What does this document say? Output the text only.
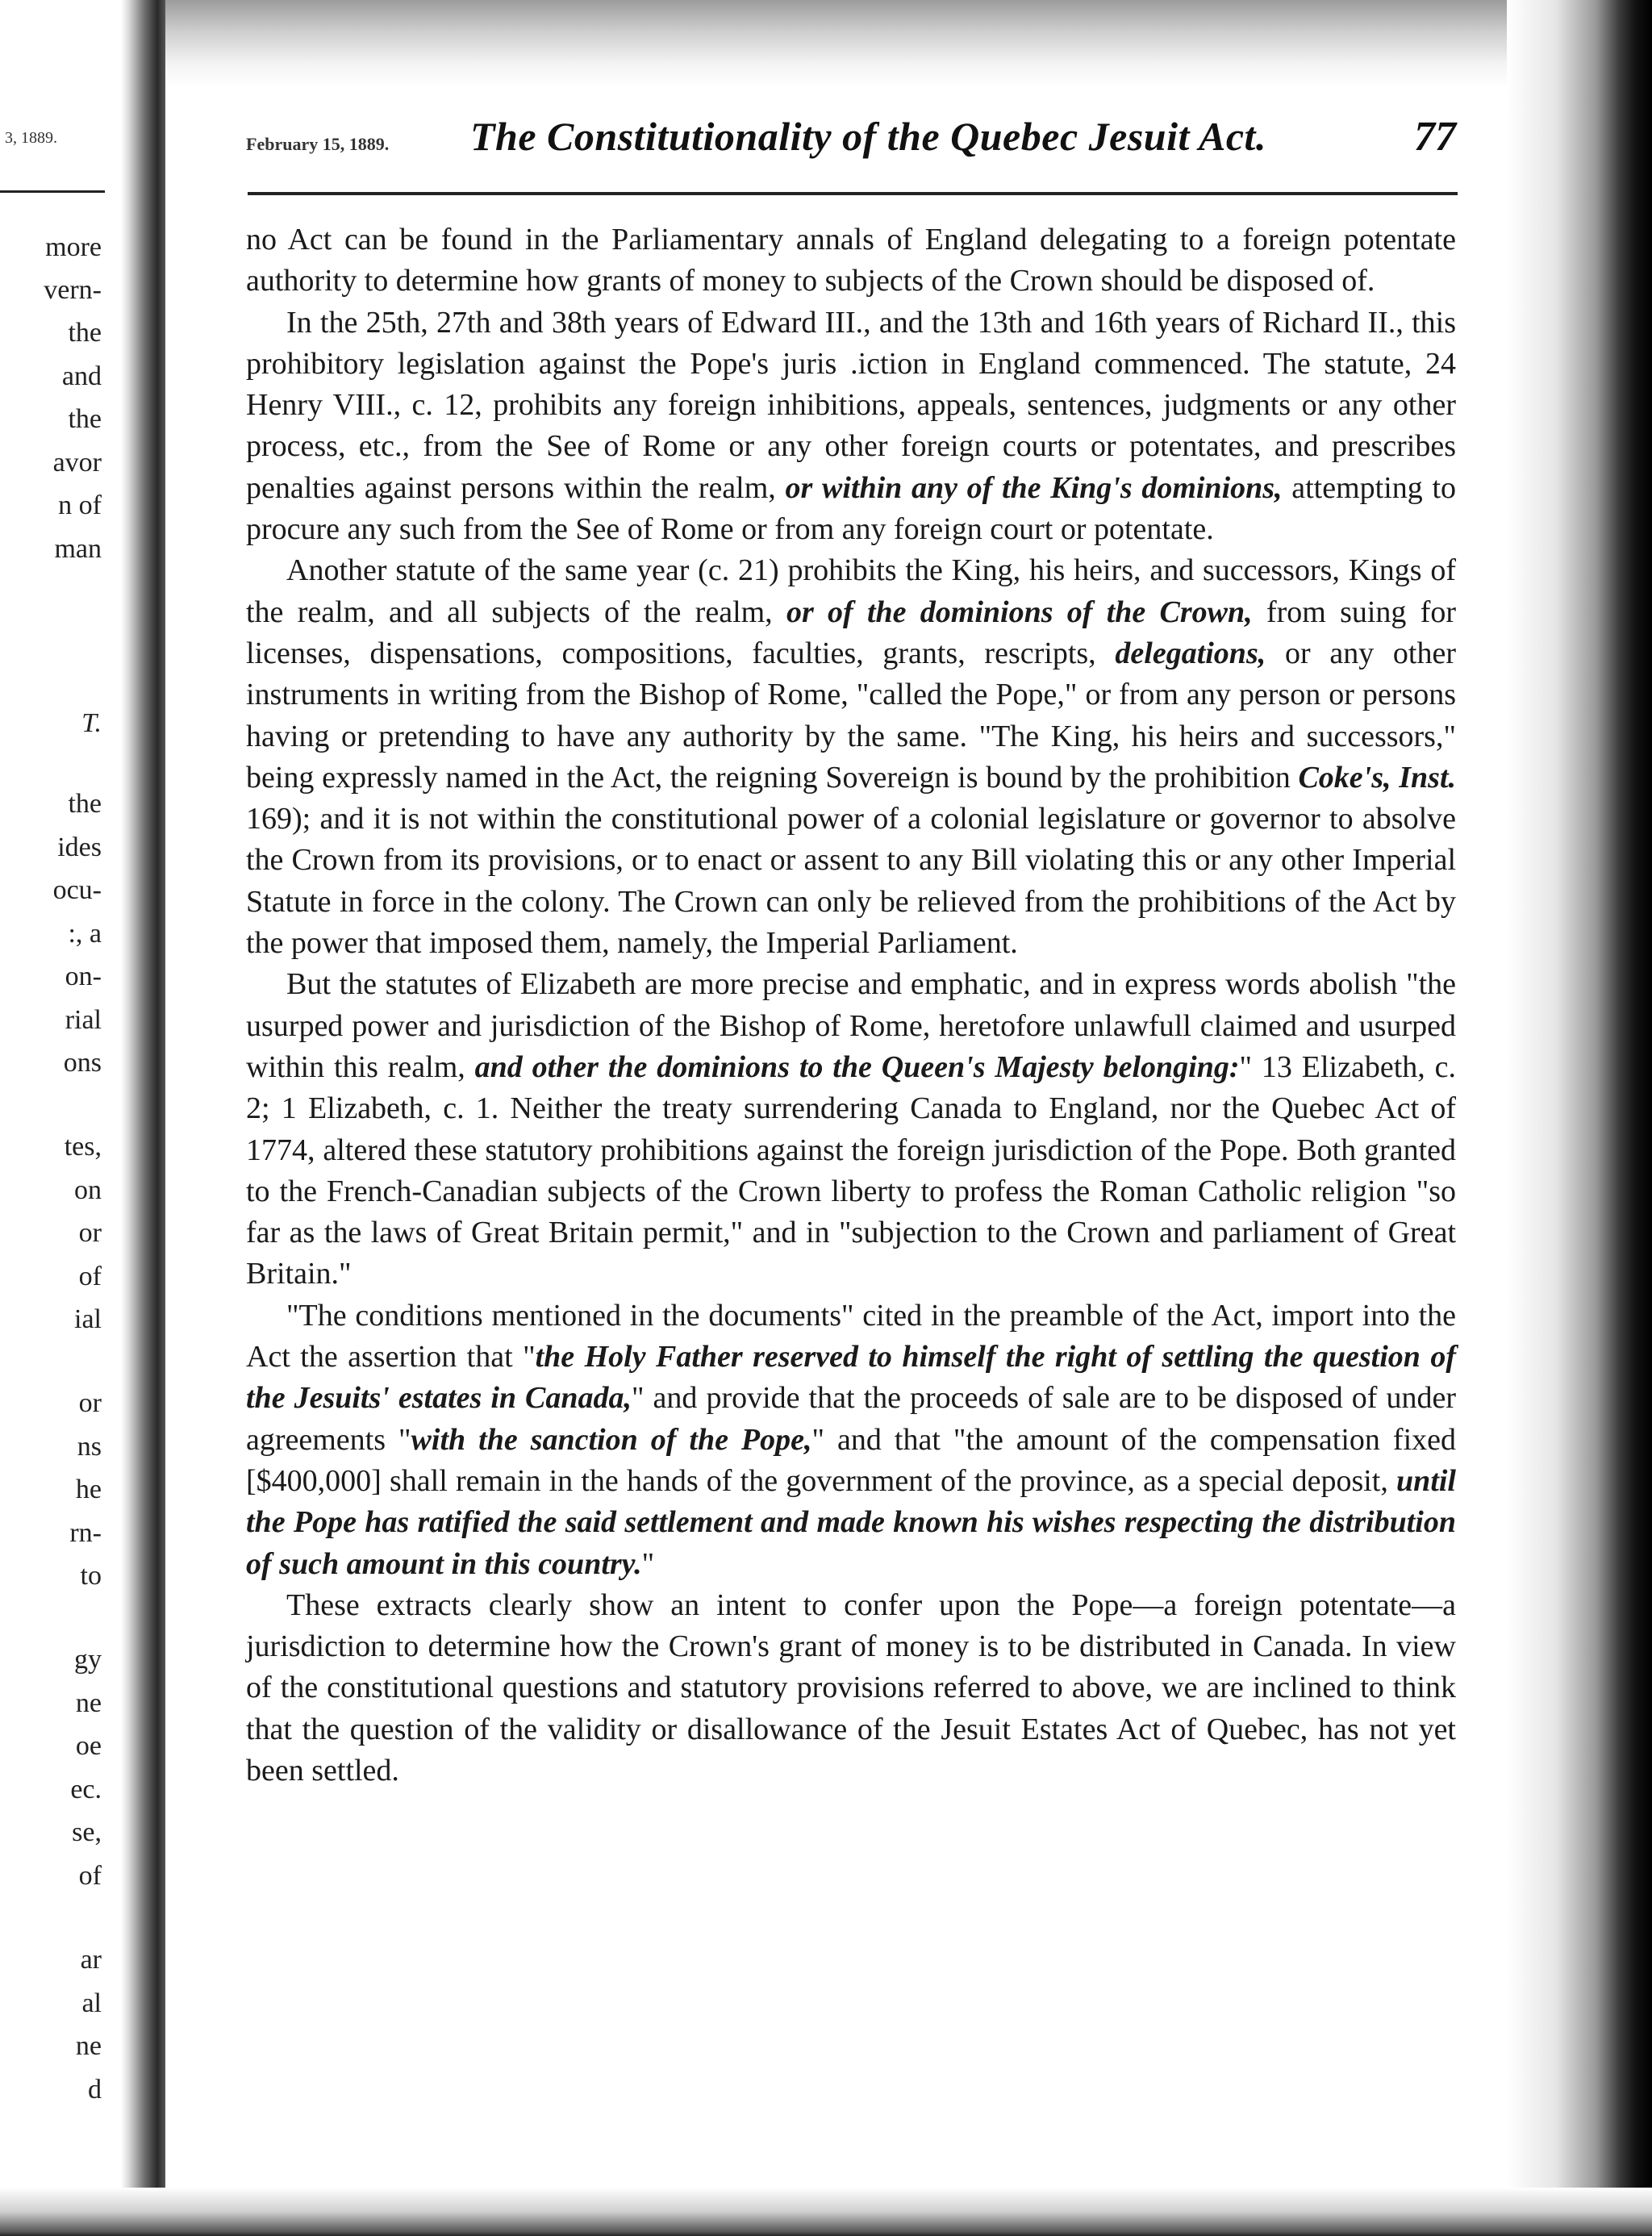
3, 1889.
more
vern-
the
and
the
avor
n of
man
T.
the
ides
ocu-
:, a
on-
rial
ons
tes,
on
or
of
ial
or
ns
he
rn-
to
gy
ne
oe
ec.
se,
of
ar
al
ne
d
February 15, 1889. The Constitutionality of the Quebec Jesuit Act.	77

no Act can be found in the Parliamentary annals of England delegating to a foreign potentate authority to determine how grants of money to subjects of the Crown should be disposed of.

In the 25th, 27th and 38th years of Edward III., and the 13th and 16th years of Richard II., this prohibitory legislation against the Pope's juris .iction in England commenced. The statute, 24 Henry VIII., c. 12, prohibits any foreign inhibitions, appeals, sentences, judgments or any other process, etc., from the See of Rome or any other foreign courts or potentates, and prescribes penalties against persons within the realm, or within any of the King's dominions, attempting to procure any such from the See of Rome or from any foreign court or potentate.

Another statute of the same year (c. 21) prohibits the King, his heirs, and successors, Kings of the realm, and all subjects of the realm, or of the dominions of the Crown, from suing for licenses, dispensations, compositions, faculties, grants, rescripts, delegations, or any other instruments in writing from the Bishop of Rome, "called the Pope," or from any person or persons having or pretending to have any authority by the same. "The King, his heirs and successors," being expressly named in the Act, the reigning Sovereign is bound by the prohibition Coke's, Inst. 169); and it is not within the constitutional power of a colonial legislature or governor to absolve the Crown from its provisions, or to enact or assent to any Bill violating this or any other Imperial Statute in force in the colony. The Crown can only be relieved from the prohibitions of the Act by the power that imposed them, namely, the Imperial Parliament.

But the statutes of Elizabeth are more precise and emphatic, and in express words abolish "the usurped power and jurisdiction of the Bishop of Rome, heretofore unlawfull claimed and usurped within this realm, and other the dominions to the Queen's Majesty belonging:" 13 Elizabeth, c. 2; 1 Elizabeth, c. 1. Neither the treaty surrendering Canada to England, nor the Quebec Act of 1774, altered these statutory prohibitions against the foreign jurisdiction of the Pope. Both granted to the French-Canadian subjects of the Crown liberty to profess the Roman Catholic religion "so far as the laws of Great Britain permit," and in "subjection to the Crown and parliament of Great Britain."

"The conditions mentioned in the documents" cited in the preamble of the Act, import into the Act the assertion that "the Holy Father reserved to himself the right of settling the question of the Jesuits' estates in Canada," and provide that the proceeds of sale are to be disposed of under agreements "with the sanction of the Pope," and that "the amount of the compensation fixed [$400,000] shall remain in the hands of the government of the province, as a special deposit, until the Pope has ratified the said settlement and made known his wishes respecting the distribution of such amount in this country."

These extracts clearly show an intent to confer upon the Pope—a foreign potentate—a jurisdiction to determine how the Crown's grant of money is to be distributed in Canada. In view of the constitutional questions and statutory provisions referred to above, we are inclined to think that the question of the validity or disallowance of the Jesuit Estates Act of Quebec, has not yet been settled.
